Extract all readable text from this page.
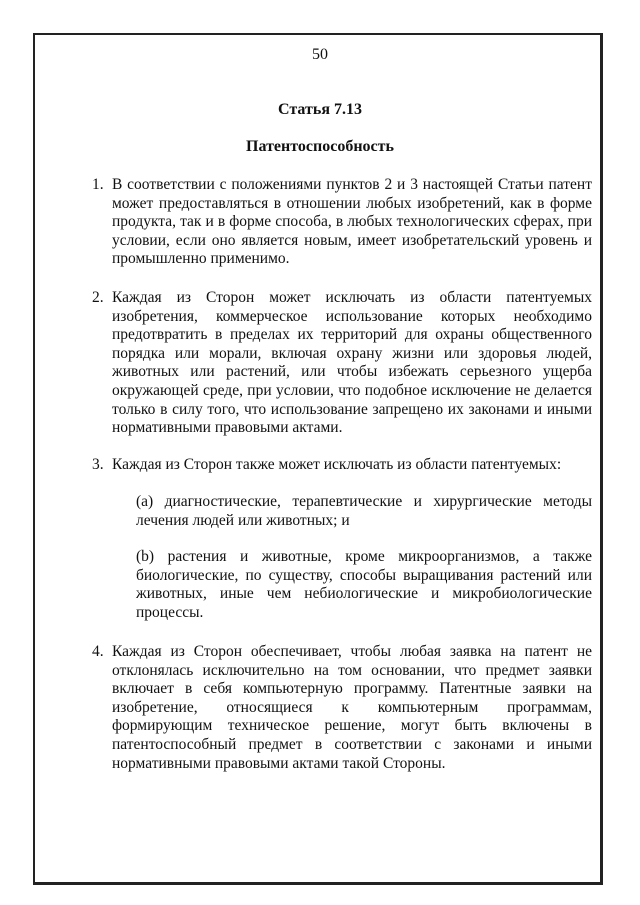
50
Статья 7.13
Патентоспособность
1. В соответствии с положениями пунктов 2 и 3 настоящей Статьи патент может предоставляться в отношении любых изобретений, как в форме продукта, так и в форме способа, в любых технологических сферах, при условии, если оно является новым, имеет изобретательский уровень и промышленно применимо.
2. Каждая из Сторон может исключать из области патентуемых изобретения, коммерческое использование которых необходимо предотвратить в пределах их территорий для охраны общественного порядка или морали, включая охрану жизни или здоровья людей, животных или растений, или чтобы избежать серьезного ущерба окружающей среде, при условии, что подобное исключение не делается только в силу того, что использование запрещено их законами и иными нормативными правовыми актами.
3. Каждая из Сторон также может исключать из области патентуемых:
(a) диагностические, терапевтические и хирургические методы лечения людей или животных; и
(b) растения и животные, кроме микроорганизмов, а также биологические, по существу, способы выращивания растений или животных, иные чем небиологические и микробиологические процессы.
4. Каждая из Сторон обеспечивает, чтобы любая заявка на патент не отклонялась исключительно на том основании, что предмет заявки включает в себя компьютерную программу. Патентные заявки на изобретение, относящиеся к компьютерным программам, формирующим техническое решение, могут быть включены в патентоспособный предмет в соответствии с законами и иными нормативными правовыми актами такой Стороны.
